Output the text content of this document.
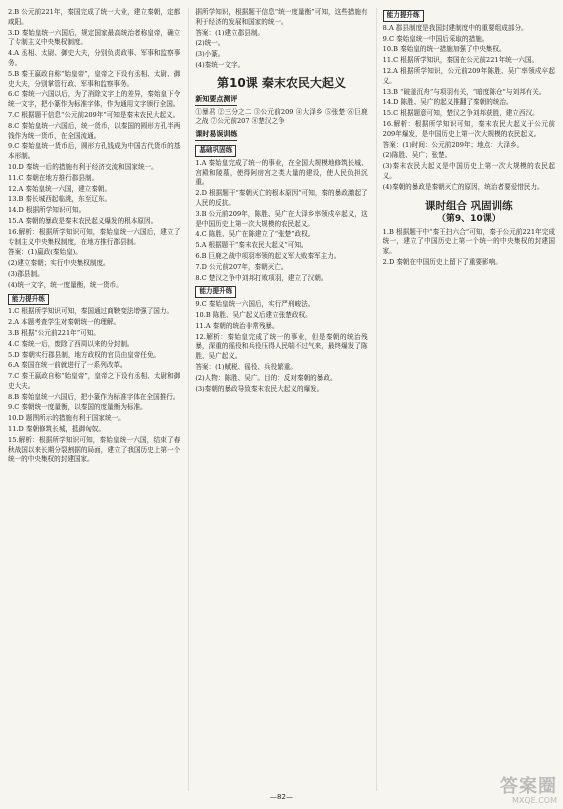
2.B 公元前221年，秦国完成了统一大业，建立秦朝，定都咸阳。
3.D 秦始皇统一六国后，规定国家最高统治者称皇帝，确立了专制主义中央集权制度。
4.A 丞相、太尉、御史大夫，分别负责政事、军事和监察事务。
5.B 秦王嬴政自称“始皇帝”，皇帝之下设有丞相、太尉、御史大夫，分别掌管行政、军事和监察事务。
6.C 秦统一六国以后，为了消除文字上的差异，秦始皇下令统一文字，把小篆作为标准字体，作为通用文字颁行全国。
7.C 根据题干信息“公元前209年”可知是秦末农民大起义。
8.C 秦始皇统一六国后，统一货币，以秦国的圆形方孔半两钱作为统一货币，在全国流通。
9.C 秦始皇统一货币后，圆形方孔钱成为中国古代货币的基本形制。
10.D 秦统一后的措施有利于经济交流和国家统一。
11.C 秦朝在地方推行郡县制。
12.A 秦始皇统一六国，建立秦朝。
13.B 秦长城西起临洮，东至辽东。
14.D 根据所学知识可知。
15.A 秦朝的暴政是秦末农民起义爆发的根本原因。
16.解析：根据所学知识可知，秦始皇统一六国后，建立了专制主义中央集权制度，在地方推行郡县制。
答案：(1)嬴政(秦始皇)。
(2)建立秦朝；实行中央集权制度。
(3)郡县制。
(4)统一文字，统一度量衡，统一货币。
能力提升练
1.C 根据所学知识可知，秦国通过商鞅变法增强了国力。
2.A 本题考查学生对秦朝统一的理解。
3.B 根据“公元前221年”可知。
4.C 秦统一后，废除了西周以来的分封制。
5.D 秦朝实行郡县制，地方政权的官员由皇帝任免。
6.A 秦国在统一前就进行了一系列改革。
7.C 秦王嬴政自称“始皇帝”，皇帝之下设有丞相、太尉和御史大夫。
8.B 秦始皇统一六国后，把小篆作为标准字体在全国推行。
9.C 秦朝统一度量衡，以秦国的度量衡为标准。
10.D 题图所示的措施有利于国家统一。
11.D 秦朝修筑长城，抵御匈奴。
15.解析：根据所学知识可知，秦始皇统一六国，结束了春秋战国以来长期分裂割据的局面，建立了我国历史上第一个统一的中央集权的封建国家。
据所学知识，根据题干信息“统一度量衡”可知，这些措施有利于经济的发展和国家的统一。
答案：(1)建立郡县制。
(2)统一。
(3)小篆。
(4)秦统一文字。
第10课 秦末农民大起义
新知要点测评
①暴君 ②三分之二 ③公元前209 ④大泽乡 ⑤张楚 ⑥巨鹿之战 ⑦公元前207 ⑧楚汉之争
课时易误训练
基础巩固练
1.A 秦始皇完成了统一的事业，在全国大规模地修筑长城、宫殿和陵墓，使得阿房宫之类大量的建设，使人民负担沉重。
2.D 根据题干“秦朝灭亡的根本原因”可知，秦的暴政激起了人民的反抗。
3.B 公元前209年，陈胜、吴广在大泽乡率领戍卒起义，这是中国历史上第一次大规模的农民起义。
4.C 陈胜、吴广在陈建立了“张楚”政权。
5.A 根据题干“秦末农民大起义”可知。
6.B 巨鹿之战中项羽率领的起义军大败秦军主力。
7.D 公元前207年，秦朝灭亡。
8.C 楚汉之争中刘邦打败项羽，建立了汉朝。
能力提升练
9.C 秦始皇统一六国后，实行严刑峻法。
10.B 陈胜、吴广起义后建立张楚政权。
11.A 秦朝的统治非常残暴。
12.解析：秦始皇完成了统一的事业，但是秦朝的统治残暴，深重的徭役和兵役压得人民喘不过气来，最终爆发了陈胜、吴广起义。
答案：(1)赋税、徭役、兵役繁重。
(2)人物：陈胜、吴广。目的：反对秦朝的暴政。
(3)秦朝的暴政导致秦末农民大起义的爆发。
能力提升练
8.A 郡县制度是我国封建制度中的重要组成部分。
9.C 秦始皇统一中国后采取的措施。
10.B 秦始皇的统一措施加强了中央集权。
11.C 根据所学知识，秦国在公元前221年统一六国。
12.A 根据所学知识，公元前209年陈胜、吴广率领戍卒起义。
13.B “破釜沉舟”与项羽有关，“暗度陈仓”与刘邦有关。
14.D 陈胜、吴广的起义推翻了秦朝的统治。
15.C 根据题意可知，楚汉之争刘邦获胜，建立西汉。
16.解析：根据所学知识可知，秦末农民大起义于公元前209年爆发，是中国历史上第一次大规模的农民起义。
答案：(1)时间：公元前209年；地点：大泽乡。
(2)陈胜、吴广；张楚。
(3)秦末农民大起义是中国历史上第一次大规模的农民起义。
(4)秦朝的暴政是秦朝灭亡的原因，统治者要爱惜民力。
课时组合 巩固训练
（第9、10课）
1.B 根据题干中“秦王扫六合”可知，秦于公元前221年完成统一，建立了中国历史上第一个统一的中央集权的封建国家。
2.D 秦朝在中国历史上留下了重要影响。
—82—
答案圈
MXQE.COM
